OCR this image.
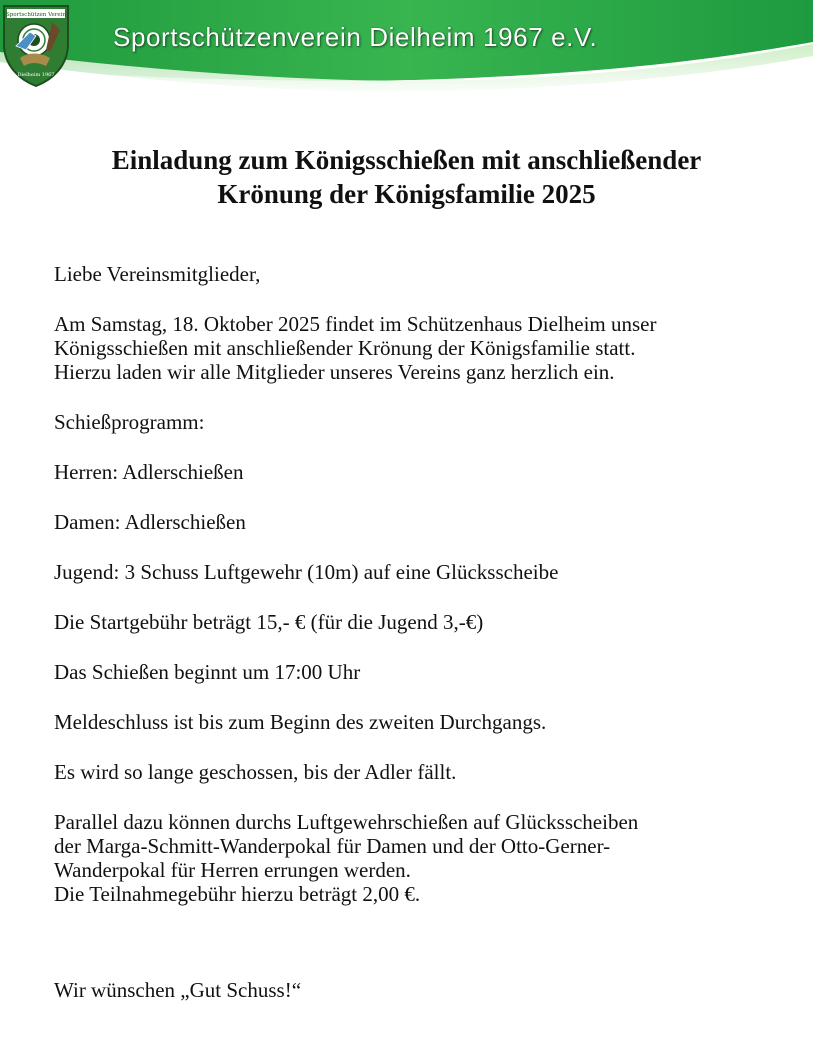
Sportschützenverein Dielheim 1967 e.V.
Sportschützen Verein
Dielheim 1967
Einladung zum Königsschießen mit anschließender
Krönung der Königsfamilie 2025

Liebe Vereinsmitglieder,

Am Samstag, 18. Oktober 2025 findet im Schützenhaus Dielheim unser
Königsschießen mit anschließender Krönung der Königsfamilie statt.
Hierzu laden wir alle Mitglieder unseres Vereins ganz herzlich ein.

Schießprogramm:

Herren: Adlerschießen

Damen: Adlerschießen

Jugend: 3 Schuss Luftgewehr (10m) auf eine Glücksscheibe

Die Startgebühr beträgt 15,- € (für die Jugend 3,-€)

Das Schießen beginnt um 17:00 Uhr

Meldeschluss ist bis zum Beginn des zweiten Durchgangs.

Es wird so lange geschossen, bis der Adler fällt.

Parallel dazu können durchs Luftgewehrschießen auf Glücksscheiben
der Marga-Schmitt-Wanderpokal für Damen und der Otto-Gerner-
Wanderpokal für Herren errungen werden.
Die Teilnahmegebühr hierzu beträgt 2,00 €.

Wir wünschen „Gut Schuss!“
